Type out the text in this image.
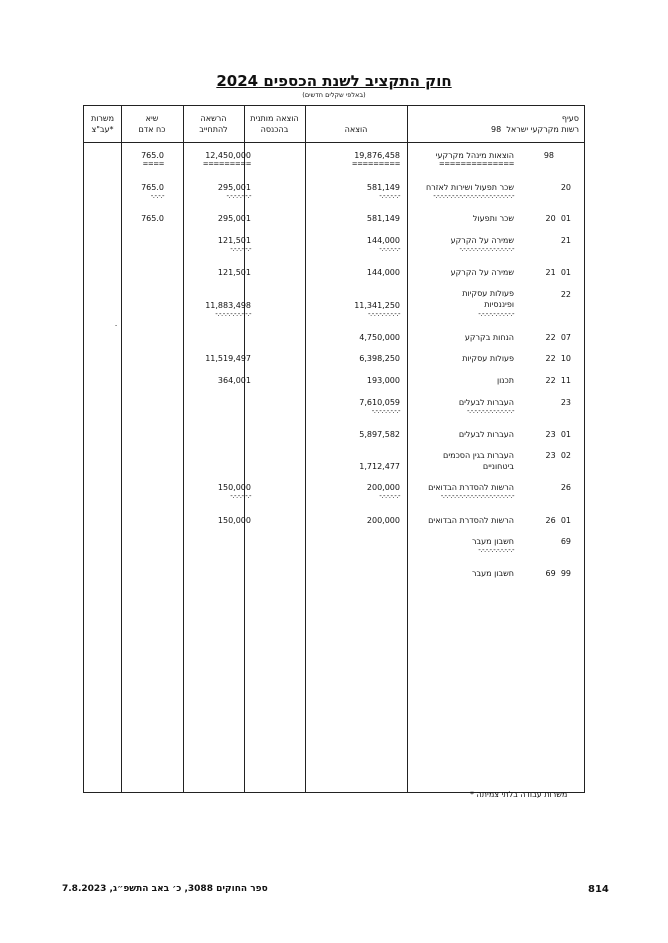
חוק התקציב לשנת הכספים 2024
(באלפי שקלים חדשים)
סעיף
98 רשות מקרקעי ישראל
הוצאה
הוצאה מותנית
בהכנסה
הרשאה
להתחייב
שיא
כח אדם
משרות
עב"צ*
98
הוצאות מינהל מקרקעי
==============
19,876,458
=========
12,450,000
=========
765.0
====
20
שכר תפעול ושירות לאזרח
-.-.-.-.-.-.-.-.-.-.-.-.-.-.-.-.-.-.-.-.-.-
581,149
-.-.-.-.-.-
295,001
-.-.-.-.-.-.-
765.0
-.-.-.-
20 01
שכר ותפעול
581,149
295,001
765.0
21
שמירה על הקרקע
-.-.-.-.-.-.-.-.-.-.-.-.-.-.-
144,000
-.-.-.-.-.-
121,501
-.-.-.-.-.-
21 01
שמירה על הקרקע
144,000
121,501
22
פעולות עסקיות
ופיננסיות
-.-.-.-.-.-.-.-.-.-
11,341,250
-.-.-.-.-.-.-.-.-
11,883,498
-.-.-.-.-.-.-.-.-.-
22 07
הנחות בקרקע
4,750,000
22 10
פעולות עסקיות
6,398,250
11,519,497
22 11
תכנון
193,000
364,001
23
העברות לבעלים
-.-.-.-.-.-.-.-.-.-.-.-.-
7,610,059
-.-.-.-.-.-.-.-
23 01
העברות לבעלים
5,897,582
23 02
העברות בגין הסכמים
ביטחוניים
1,712,477
26
הרשות להסדרת הבדואים
-.-.-.-.-.-.-.-.-.-.-.-.-.-.-.-.-.-.-.-
200,000
-.-.-.-.-.-
150,000
-.-.-.-.-.-
26 01
הרשות להסדרת הבדואים
200,000
150,000
69
חשבון מעבר
-.-.-.-.-.-.-.-.-.-
69 99
חשבון מעבר
-
* משרות עבודה בלתי צמיתה
ספר החוקים 3088, כ׳ באב התשפ״ג, 7.8.2023	814
